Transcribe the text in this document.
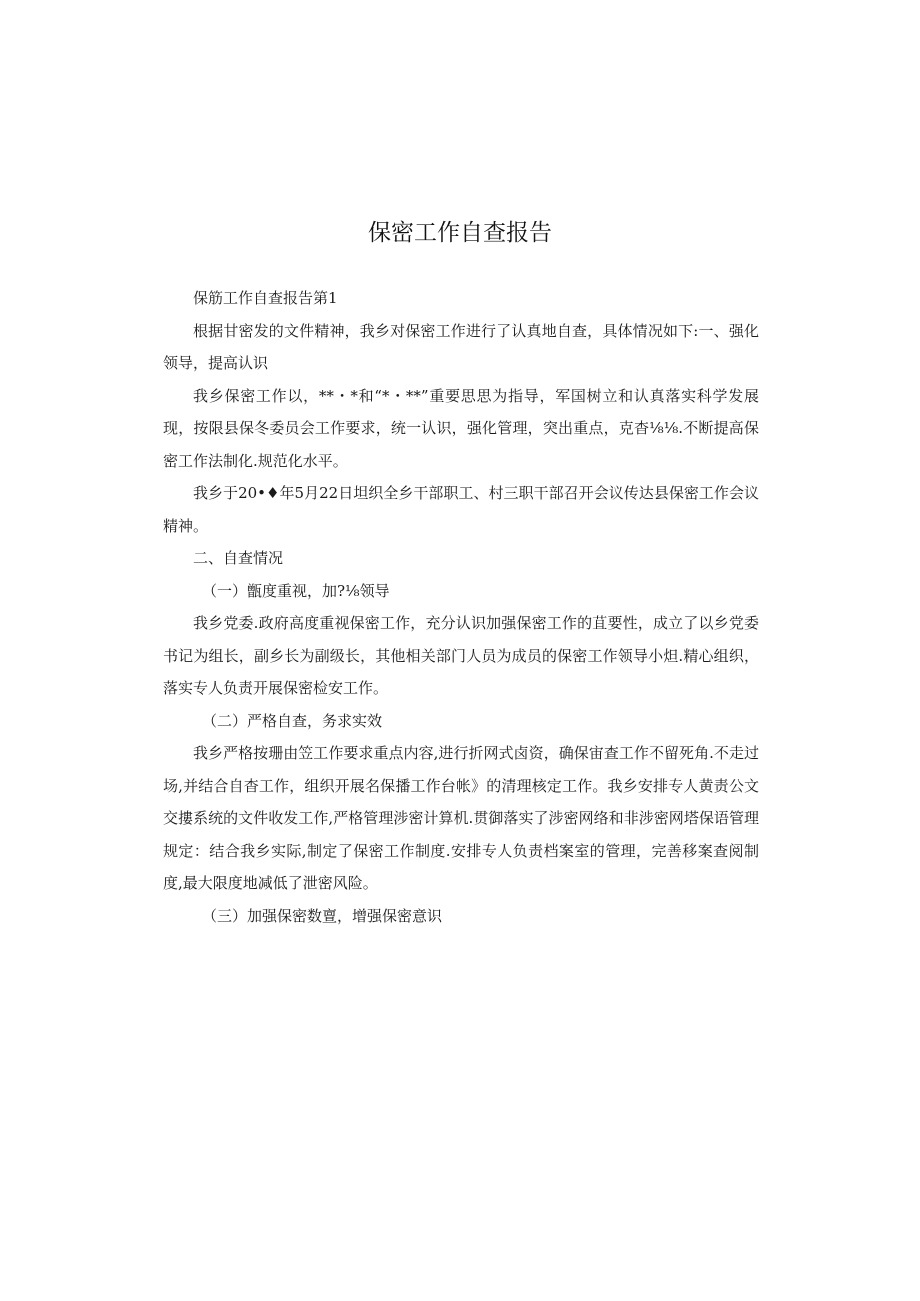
保密工作自查报告

保筋工作自查报告第1

根据甘密发的文件精神，我乡对保密工作进行了认真地自查，具体情况如下:一、强化领导，提高认识

我乡保密工作以，**・*和“*・**”重要思思为指导，军国树立和认真落实科学发展现，按限县保冬委员会工作要求，统一认识，强化管理，突出重点，克杳⅛⅛.不断提高保密工作法制化.规范化水平。

我乡于20•♦年5月22日坦织全乡干部职工、村三职干部召开会议传达县保密工作会议精神。

二、自查情况

（一）甑度重视，加?⅛领导

我乡党委.政府高度重视保密工作，充分认识加强保密工作的苴要性，成立了以乡党委书记为组长，副乡长为副级长，其他相关部门人员为成员的保密工作领导小炟.精心组织，落实专人负责开展保密检安工作。

（二）严格自查，务求实效

我乡严格按珊由笠工作要求重点内容,进行折网式卤资，确保宙查工作不留死角.不走过场,并结合自杳工作，组织开展名保播工作台帐》的清理核定工作。我乡安排专人黄责公文交摟系统的文件收发工作,严格管理涉密计算机.贯御落实了涉密网络和非涉密网塔保语管理规定：结合我乡实际,制定了保密工作制度.安排专人负责档案室的管理，完善移案查阅制度,最大限度地减低了泄密风险。

（三）加强保密数亶，增强保密意识
